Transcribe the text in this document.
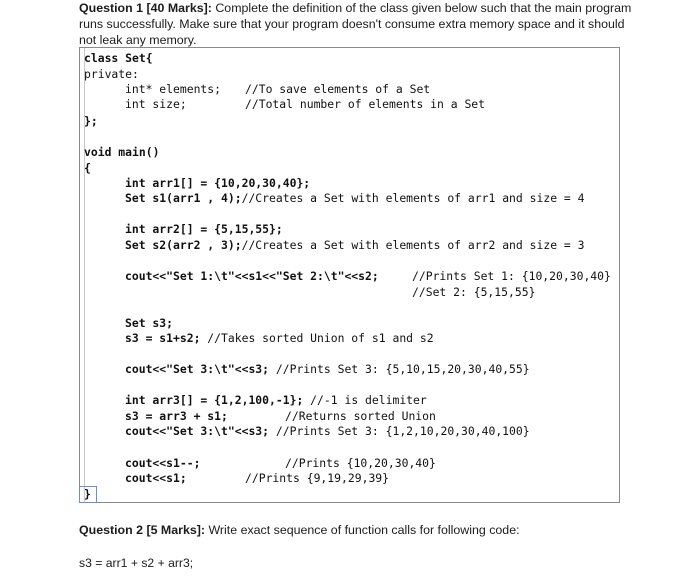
Question 1 [40 Marks]: Complete the definition of the class given below such that the main program
runs successfully. Make sure that your program doesn't consume extra memory space and it should
not leak any memory.
class Set{
private:
int* elements; //To save elements of a Set
int size;	//Total number of elements in a Set
};
void main()
{
int arr1[] = {10,20,30,40};
Set s1(arr1 , 4);//Creates a Set with elements of arr1 and size = 4
int arr2[] = {5,15,55};
Set s2(arr2 , 3);//Creates a Set with elements of arr2 and size = 3
cout<<"Set 1:\t"<<s1<<"Set 2:\t"<<s2;	//Prints Set 1: {10,20,30,40}
//Set 2: {5,15,55}
Set s3;
s3 = s1+s2; //Takes sorted Union of s1 and s2
cout<<"Set 3:\t"<<s3; //Prints Set 3: {5,10,15,20,30,40,55}
int arr3[] = {1,2,100,-1}; //-1 is delimiter
s3 = arr3 + s1;	//Returns sorted Union
cout<<"Set 3:\t"<<s3; //Prints Set 3: {1,2,10,20,30,40,100}
cout<<s1--;	//Prints {10,20,30,40}
cout<<s1;	//Prints {9,19,29,39}
}
Question 2 [5 Marks]: Write exact sequence of function calls for following code:
s3 = arr1 + s2 + arr3;
